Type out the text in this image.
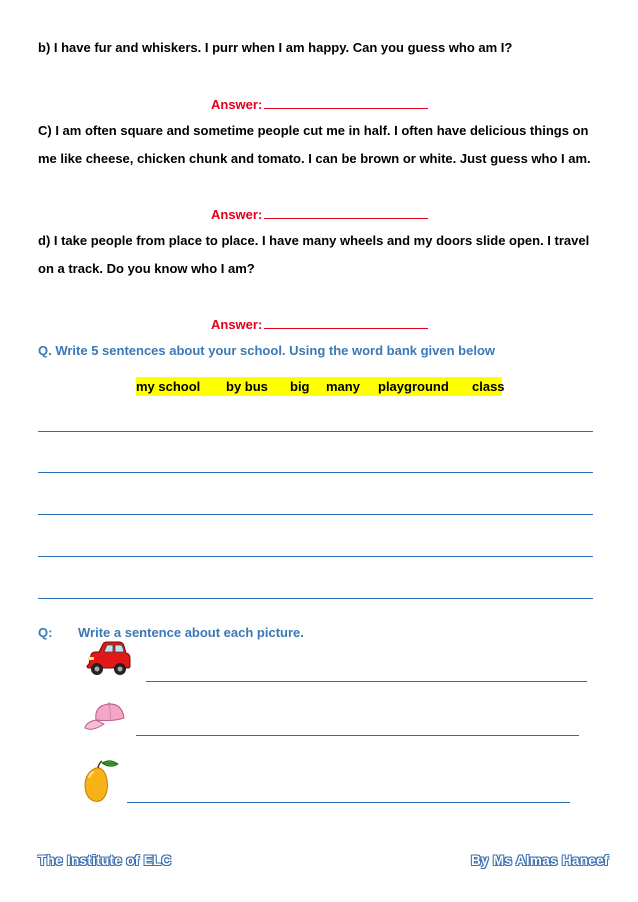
b) I have fur and whiskers. I purr when I am happy. Can you guess who am I?
Answer:
C) I am often square and sometime people cut me in half. I often have delicious things on
me like cheese, chicken chunk and tomato. I can be brown or white. Just guess who I am.
Answer:
d) I take people from place to place. I have many wheels and my doors slide open. I travel
on a track. Do you know who I am?
Answer:
Q. Write 5 sentences about your school. Using the word bank given below
my school by bus big many playground class
Q: Write a sentence about each picture.
The Institute of ELC	By Ms Almas Haneef
